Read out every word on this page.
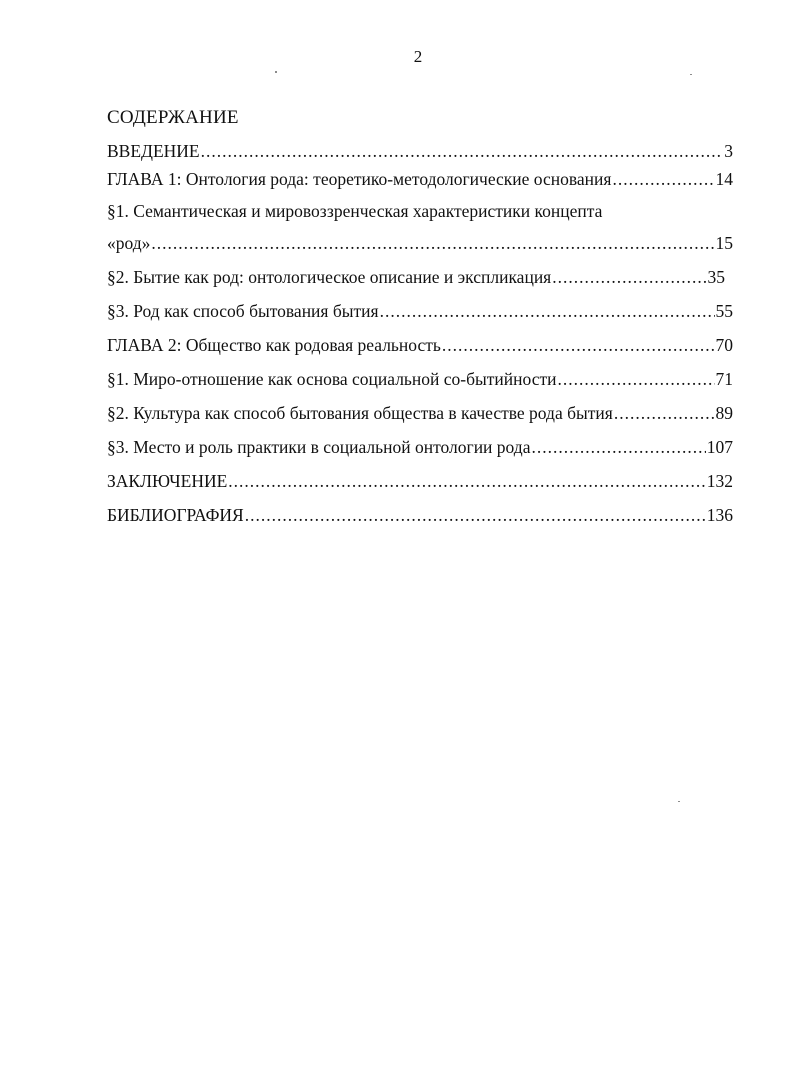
2
СОДЕРЖАНИЕ
ВВЕДЕНИЕ .....	3
ГЛАВА 1: Онтология рода: теоретико-методологические основания .....	14
§1. Семантическая и мировоззренческая характеристики концепта
«род» .....	15
§2. Бытие как род: онтологическое описание и экспликация .....	35
§3. Род как способ бытования бытия .....	55
ГЛАВА 2: Общество как родовая реальность .....	70
§1. Миро-отношение как основа социальной со-бытийности .....	71
§2. Культура как способ бытования общества в качестве рода бытия .....	89
§3. Место и роль практики в социальной онтологии рода .....	107
ЗАКЛЮЧЕНИЕ .....	132
БИБЛИОГРАФИЯ .....	136
